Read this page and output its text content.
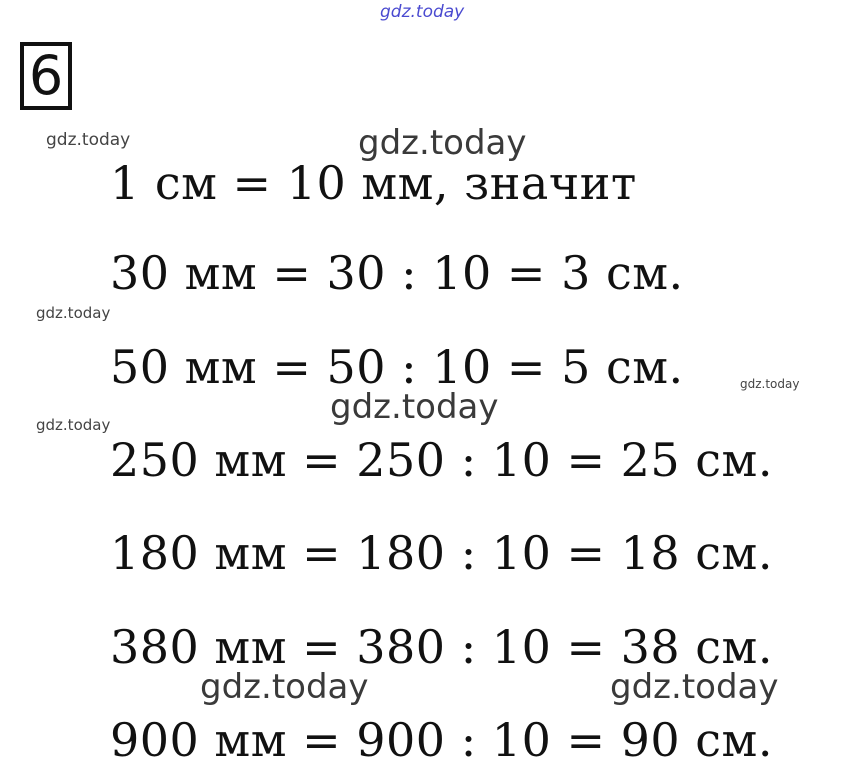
gdz.today
gdz.today	gdz.today
gdz.today
gdz.today
gdz.today
gdz.today
gdz.today	gdz.today
6
1 см = 10 мм, значит
30 мм = 30 : 10 = 3 см.
50 мм = 50 : 10 = 5 см.
250 мм = 250 : 10 = 25 см.
180 мм = 180 : 10 = 18 см.
380 мм = 380 : 10 = 38 см.
900 мм = 900 : 10 = 90 см.
